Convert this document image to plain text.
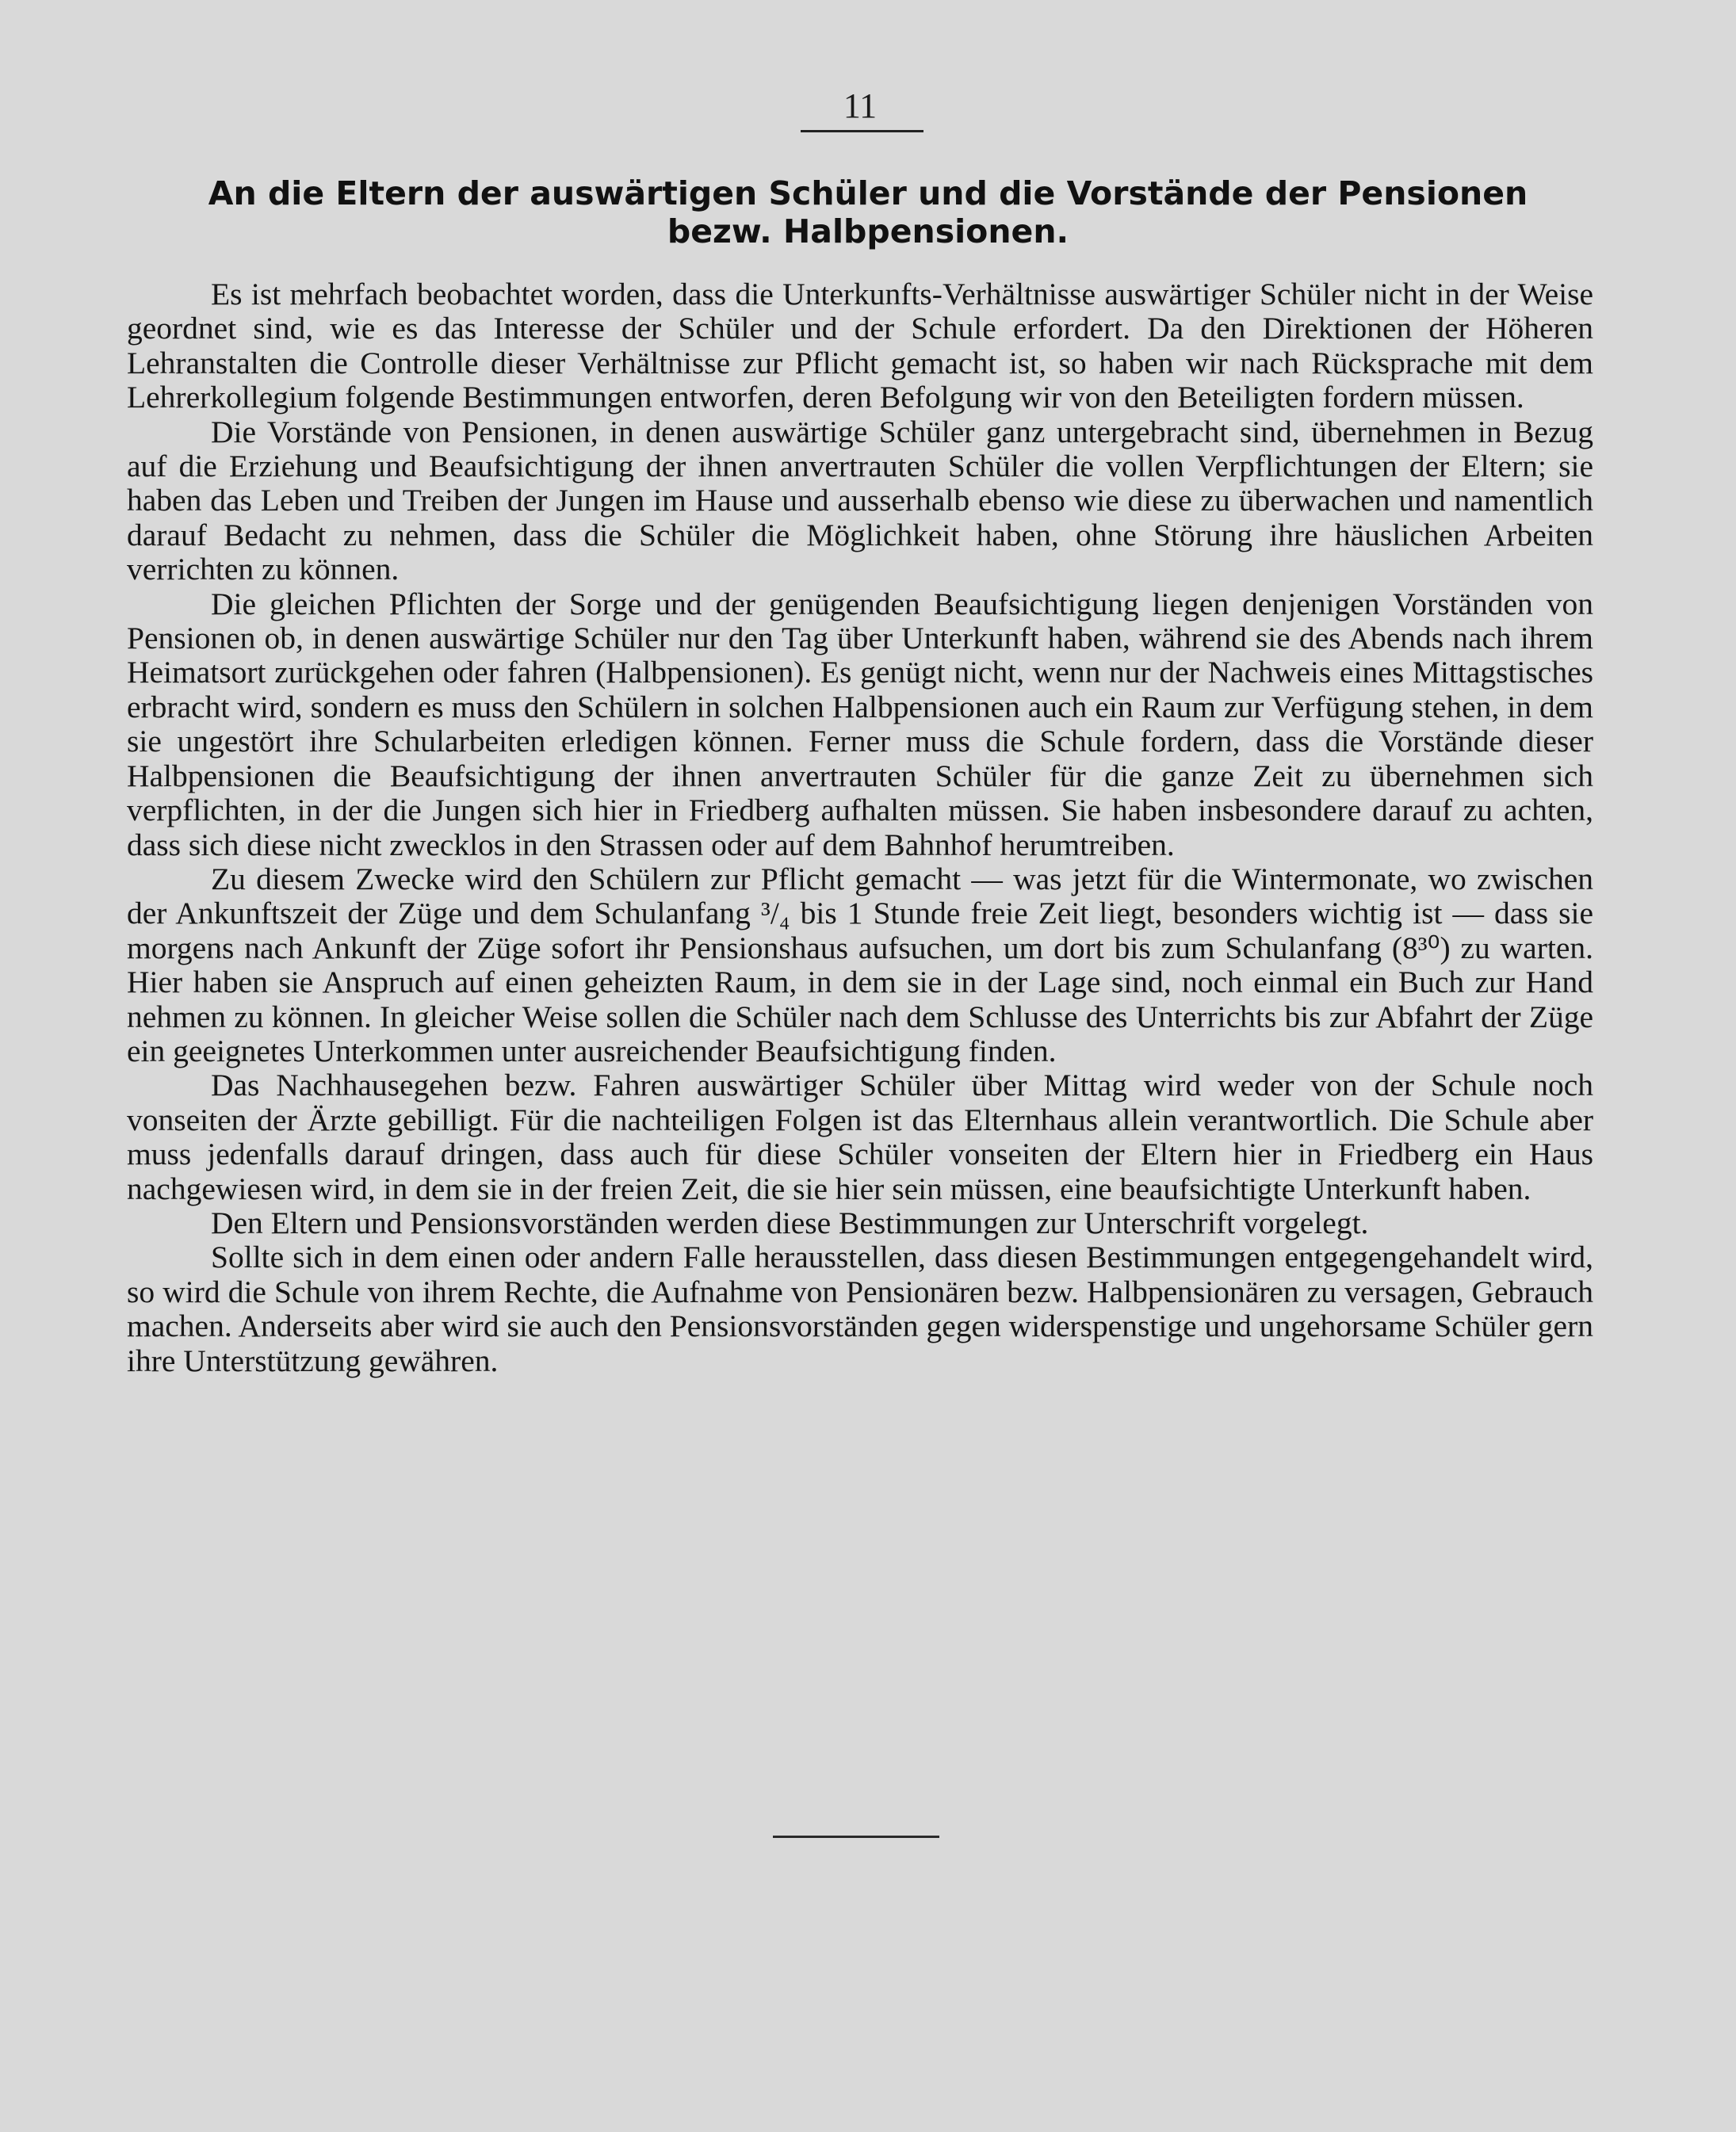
11
An die Eltern der auswärtigen Schüler und die Vorstände der Pensionen
bezw. Halbpensionen.

Es ist mehrfach beobachtet worden, dass die Unterkunfts-Verhältnisse auswärtiger Schüler nicht in der Weise geordnet sind, wie es das Interesse der Schüler und der Schule erfordert. Da den Direktionen der Höheren Lehranstalten die Controlle dieser Verhältnisse zur Pflicht gemacht ist, so haben wir nach Rücksprache mit dem Lehrerkollegium folgende Bestimmungen entworfen, deren Befolgung wir von den Beteiligten fordern müssen.

Die Vorstände von Pensionen, in denen auswärtige Schüler ganz untergebracht sind, übernehmen in Bezug auf die Erziehung und Beaufsichtigung der ihnen anvertrauten Schüler die vollen Verpflichtungen der Eltern; sie haben das Leben und Treiben der Jungen im Hause und ausserhalb ebenso wie diese zu überwachen und namentlich darauf Bedacht zu nehmen, dass die Schüler die Möglichkeit haben, ohne Störung ihre häuslichen Arbeiten verrichten zu können.

Die gleichen Pflichten der Sorge und der genügenden Beaufsichtigung liegen denjenigen Vorständen von Pensionen ob, in denen auswärtige Schüler nur den Tag über Unterkunft haben, während sie des Abends nach ihrem Heimatsort zurückgehen oder fahren (Halbpensionen). Es genügt nicht, wenn nur der Nachweis eines Mittagstisches erbracht wird, sondern es muss den Schülern in solchen Halbpensionen auch ein Raum zur Verfügung stehen, in dem sie ungestört ihre Schularbeiten erledigen können. Ferner muss die Schule fordern, dass die Vorstände dieser Halbpensionen die Beaufsichtigung der ihnen anvertrauten Schüler für die ganze Zeit zu übernehmen sich verpflichten, in der die Jungen sich hier in Friedberg aufhalten müssen. Sie haben insbesondere darauf zu achten, dass sich diese nicht zwecklos in den Strassen oder auf dem Bahnhof herumtreiben.

Zu diesem Zwecke wird den Schülern zur Pflicht gemacht — was jetzt für die Wintermonate, wo zwischen der Ankunftszeit der Züge und dem Schulanfang ³/₄ bis 1 Stunde freie Zeit liegt, besonders wichtig ist — dass sie morgens nach Ankunft der Züge sofort ihr Pensionshaus aufsuchen, um dort bis zum Schulanfang (8³⁰) zu warten. Hier haben sie Anspruch auf einen geheizten Raum, in dem sie in der Lage sind, noch einmal ein Buch zur Hand nehmen zu können. In gleicher Weise sollen die Schüler nach dem Schlusse des Unterrichts bis zur Abfahrt der Züge ein geeignetes Unterkommen unter ausreichender Beaufsichtigung finden.

Das Nachhausegehen bezw. Fahren auswärtiger Schüler über Mittag wird weder von der Schule noch vonseiten der Ärzte gebilligt. Für die nachteiligen Folgen ist das Elternhaus allein verantwortlich. Die Schule aber muss jedenfalls darauf dringen, dass auch für diese Schüler vonseiten der Eltern hier in Friedberg ein Haus nachgewiesen wird, in dem sie in der freien Zeit, die sie hier sein müssen, eine beaufsichtigte Unterkunft haben.

Den Eltern und Pensionsvorständen werden diese Bestimmungen zur Unterschrift vorgelegt.

Sollte sich in dem einen oder andern Falle herausstellen, dass diesen Bestimmungen entgegengehandelt wird, so wird die Schule von ihrem Rechte, die Aufnahme von Pensionären bezw. Halbpensionären zu versagen, Gebrauch machen. Anderseits aber wird sie auch den Pensionsvorständen gegen widerspenstige und ungehorsame Schüler gern ihre Unterstützung gewähren.
